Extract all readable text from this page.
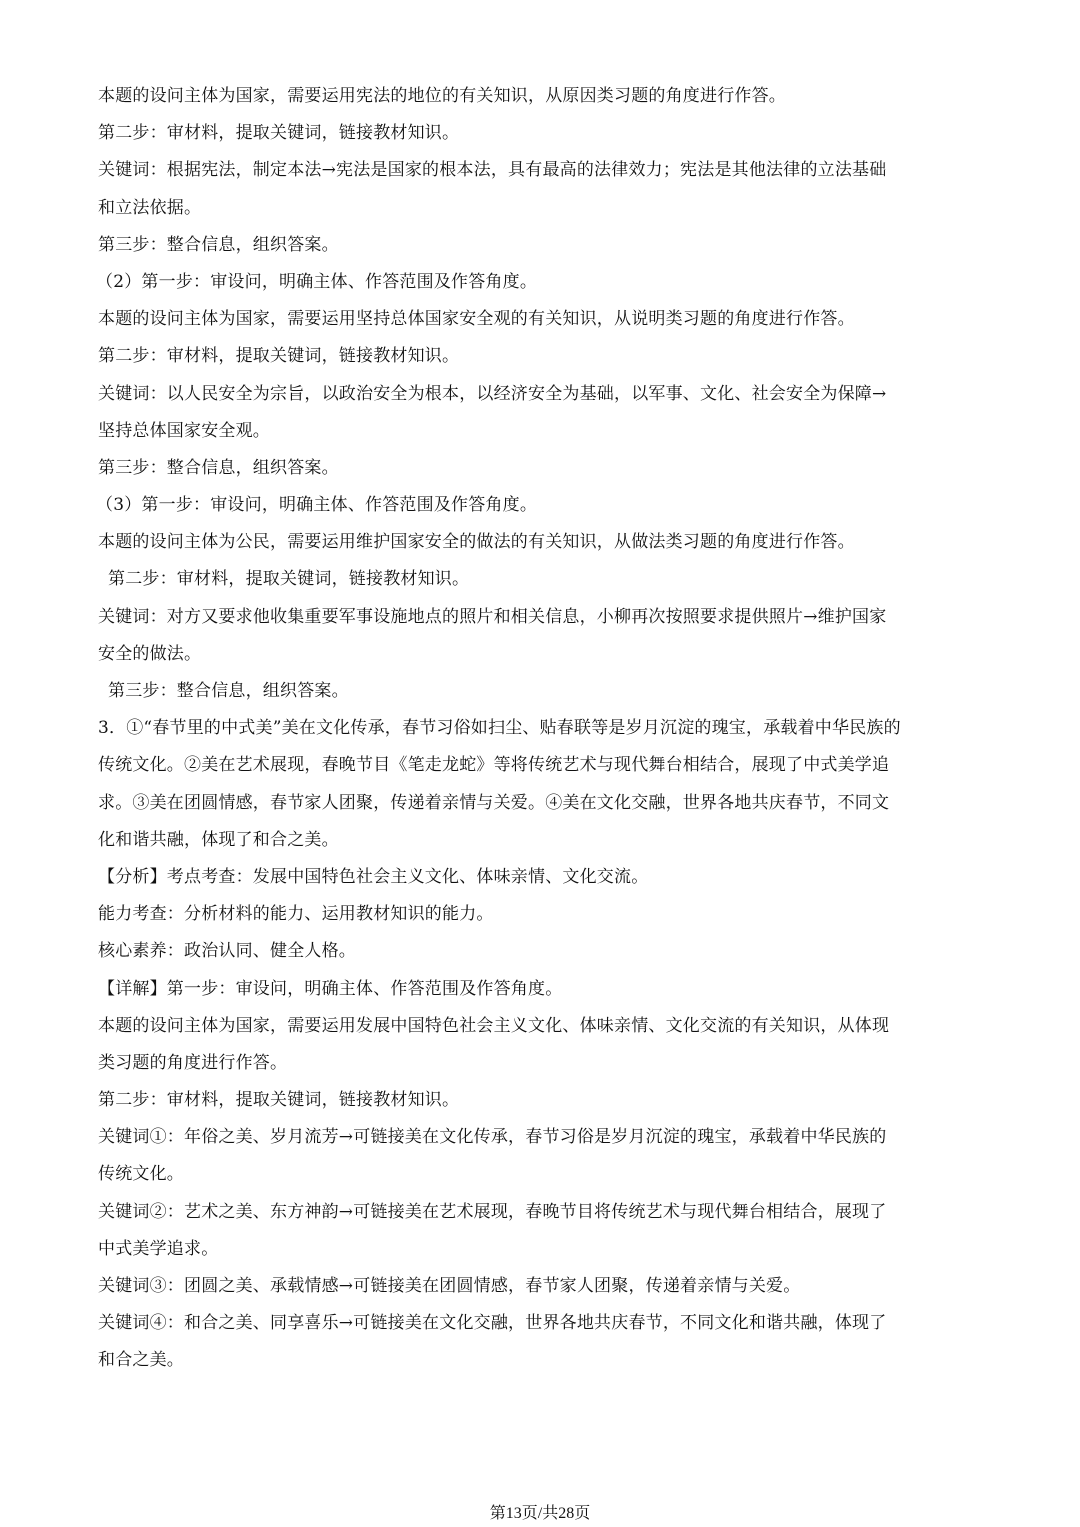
本题的设问主体为国家，需要运用宪法的地位的有关知识，从原因类习题的角度进行作答。
第二步：审材料，提取关键词，链接教材知识。
关键词：根据宪法，制定本法→宪法是国家的根本法，具有最高的法律效力；宪法是其他法律的立法基础
和立法依据。
第三步：整合信息，组织答案。
（2）第一步：审设问，明确主体、作答范围及作答角度。
本题的设问主体为国家，需要运用坚持总体国家安全观的有关知识，从说明类习题的角度进行作答。
第二步：审材料，提取关键词，链接教材知识。
关键词：以人民安全为宗旨，以政治安全为根本，以经济安全为基础，以军事、文化、社会安全为保障→
坚持总体国家安全观。
第三步：整合信息，组织答案。
（3）第一步：审设问，明确主体、作答范围及作答角度。
本题的设问主体为公民，需要运用维护国家安全的做法的有关知识，从做法类习题的角度进行作答。
第二步：审材料，提取关键词，链接教材知识。
关键词：对方又要求他收集重要军事设施地点的照片和相关信息，小柳再次按照要求提供照片→维护国家
安全的做法。
第三步：整合信息，组织答案。
3．①“春节里的中式美”美在文化传承，春节习俗如扫尘、贴春联等是岁月沉淀的瑰宝，承载着中华民族的
传统文化。②美在艺术展现，春晚节目《笔走龙蛇》等将传统艺术与现代舞台相结合，展现了中式美学追
求。③美在团圆情感，春节家人团聚，传递着亲情与关爱。④美在文化交融，世界各地共庆春节，不同文
化和谐共融，体现了和合之美。
【分析】考点考查：发展中国特色社会主义文化、体味亲情、文化交流。
能力考查：分析材料的能力、运用教材知识的能力。
核心素养：政治认同、健全人格。
【详解】第一步：审设问，明确主体、作答范围及作答角度。
本题的设问主体为国家，需要运用发展中国特色社会主义文化、体味亲情、文化交流的有关知识，从体现
类习题的角度进行作答。
第二步：审材料，提取关键词，链接教材知识。
关键词①：年俗之美、岁月流芳→可链接美在文化传承，春节习俗是岁月沉淀的瑰宝，承载着中华民族的
传统文化。
关键词②：艺术之美、东方神韵→可链接美在艺术展现，春晚节目将传统艺术与现代舞台相结合，展现了
中式美学追求。
关键词③：团圆之美、承载情感→可链接美在团圆情感，春节家人团聚，传递着亲情与关爱。
关键词④：和合之美、同享喜乐→可链接美在文化交融，世界各地共庆春节，不同文化和谐共融，体现了
和合之美。
第13页/共28页
